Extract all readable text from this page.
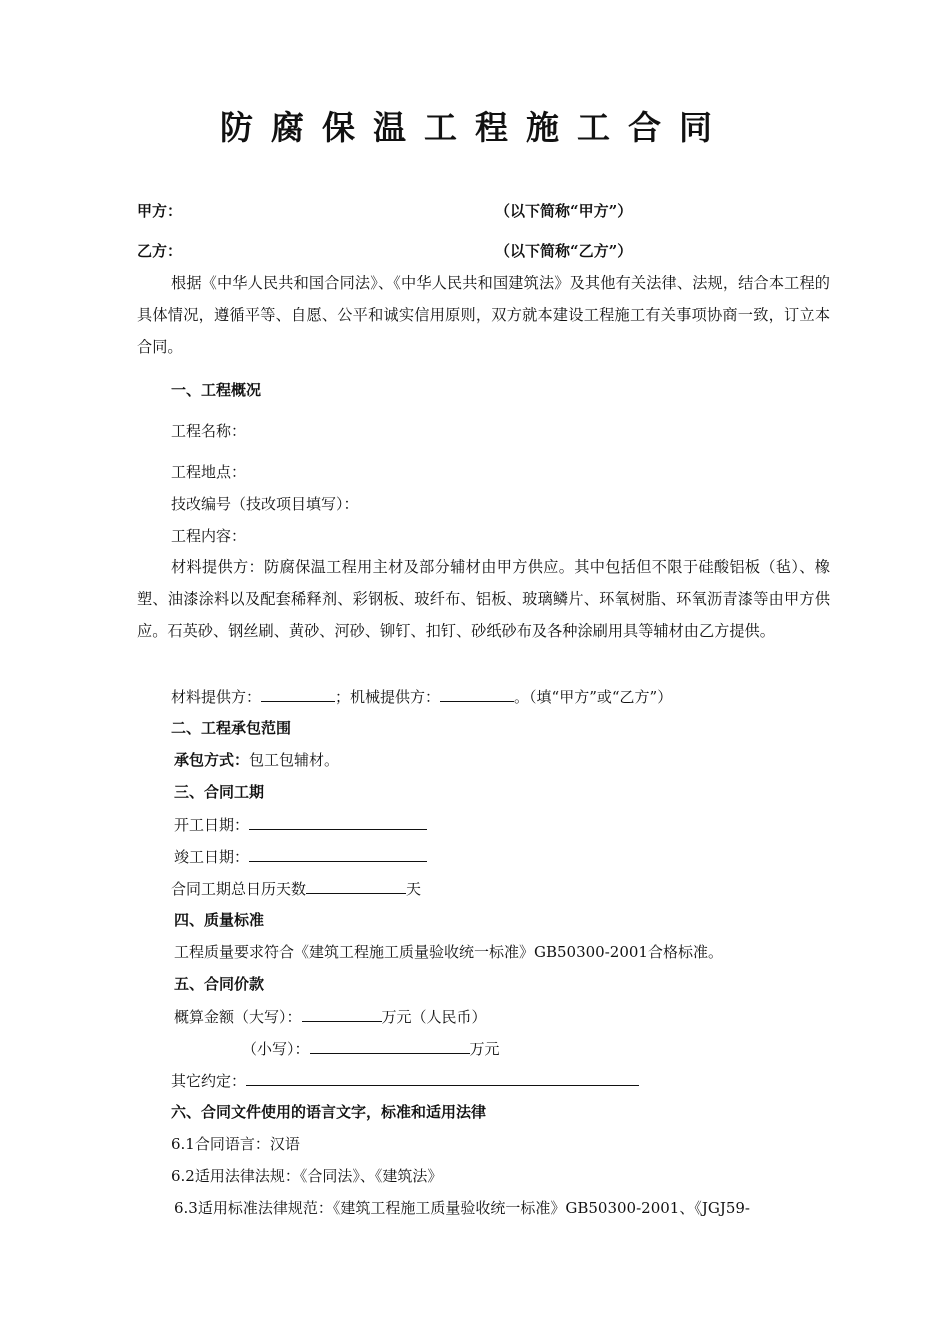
防腐保温工程施工合同
甲方：	（以下简称“甲方”）
乙方：	（以下简称“乙方”）
根据《中华人民共和国合同法》、《中华人民共和国建筑法》及其他有关法律、法规，结合本工程的具体情况，遵循平等、自愿、公平和诚实信用原则，双方就本建设工程施工有关事项协商一致，订立本合同。
一、工程概况
工程名称：
工程地点：
技改编号（技改项目填写）：
工程内容：
材料提供方：防腐保温工程用主材及部分辅材由甲方供应。其中包括但不限于硅酸铝板（毡）、橡塑、油漆涂料以及配套稀释剂、彩钢板、玻纤布、铝板、玻璃鳞片、环氧树脂、环氧沥青漆等由甲方供应。石英砂、钢丝刷、黄砂、河砂、铆钉、扣钉、砂纸砂布及各种涂刷用具等辅材由乙方提供。
材料提供方：	；机械提供方：	。（填“甲方”或“乙方”）
二、工程承包范围
承包方式：包工包辅材。
三、合同工期
开工日期：
竣工日期：
合同工期总日历天数	天
四、质量标准
工程质量要求符合《建筑工程施工质量验收统一标准》GB50300-2001合格标准。
五、合同价款
概算金额（大写）：	万元（人民币）
（小写）：	万元
其它约定：
六、合同文件使用的语言文字，标准和适用法律
6.1合同语言：汉语
6.2适用法律法规：《合同法》、《建筑法》
6.3适用标准法律规范：《建筑工程施工质量验收统一标准》GB50300-2001、《JGJ59-
